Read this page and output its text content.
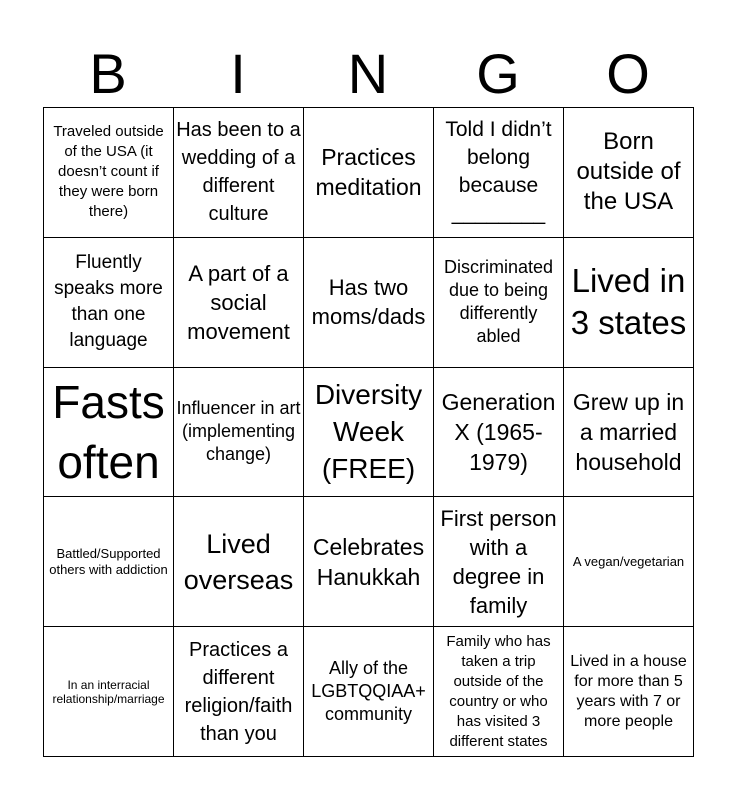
B	I	N	G	O
Traveled outside of the USA (it doesn’t count if they were born there)	Has been to a wedding of a different culture	Practices meditation	Told I didn’t belong because ________	Born outside of the USA
Fluently speaks more than one language	A part of a social movement	Has two moms/dads	Discriminated due to being differently abled	Lived in 3 states
Fasts often	Influencer in art (implementing change)	Diversity Week (FREE)	Generation X (1965-1979)	Grew up in a married household
Battled/Supported others with addiction	Lived overseas	Celebrates Hanukkah	First person with a degree in family	A vegan/vegetarian
In an interracial relationship/marriage	Practices a different religion/faith than you	Ally of the LGBTQQIAA+ community	Family who has taken a trip outside of the country or who has visited 3 different states	Lived in a house for more than 5 years with 7 or more people
